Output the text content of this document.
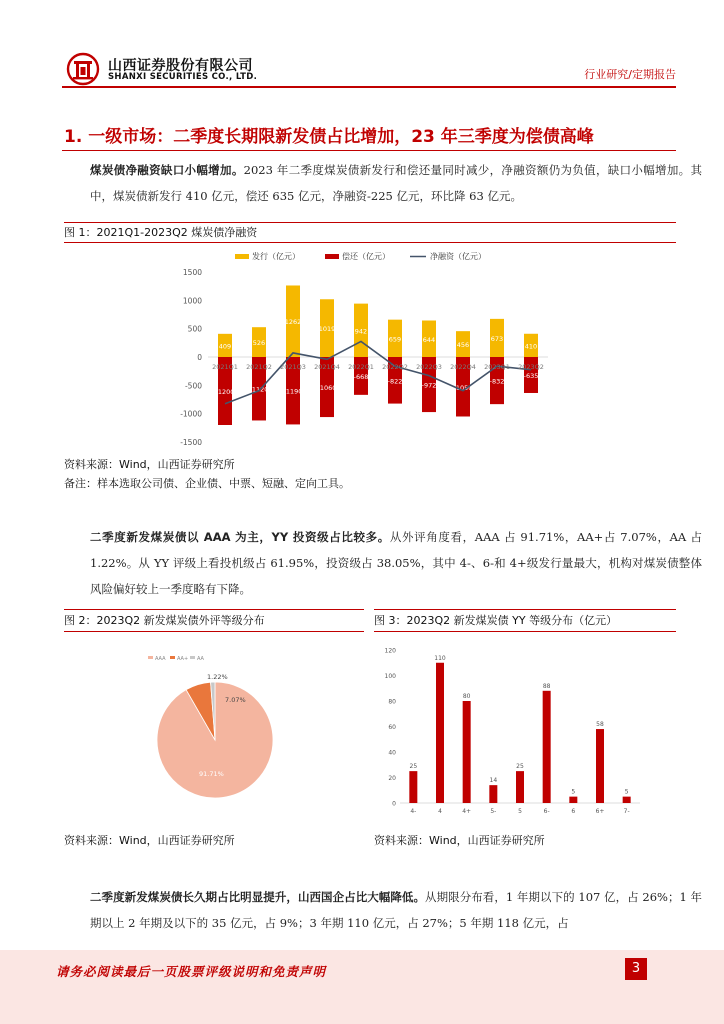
山西证券股份有限公司
SHANXI SECURITIES CO., LTD.	行业研究/定期报告
1. 一级市场：二季度长期限新发债占比增加，23 年三季度为偿债高峰
煤炭债净融资缺口小幅增加。2023 年二季度煤炭债新发行和偿还量同时减少，净融资额仍为负值，缺口小幅增加。其中，煤炭债新发行 410 亿元，偿还 635 亿元，净融资-225 亿元，环比降 63 亿元。
图 1：2021Q1-2023Q2 煤炭债净融资
发行（亿元）	偿还（亿元）	净融资（亿元）
1500
1000
500
0
-500
-1000
-1500
409
-1200
526
-1120
1262
-1190
1019
-1060
942
-668
659
-822
644
-972
456
-1050
673
-832
410
-635
2021Q1 2021Q2 2021Q3 2021Q4 2022Q1 2022Q2 2022Q3 2022Q4 2023Q1 2023Q2
资料来源：Wind，山西证券研究所
备注：样本选取公司债、企业债、中票、短融、定向工具。
二季度新发煤炭债以 AAA 为主，YY 投资级占比较多。从外评角度看，AAA 占 91.71%，AA+占 7.07%，AA 占 1.22%。从 YY 评级上看投机级占 61.95%，投资级占 38.05%，其中 4-、6-和 4+级发行量最大，机构对煤炭债整体风险偏好较上一季度略有下降。
图 2：2023Q2 新发煤炭债外评等级分布	图 3：2023Q2 新发煤炭债 YY 等级分布（亿元）
AAA AA+ AA
91.71%
7.07%
1.22%
0
20
40
60
80
100
120
25
110
80
14
25
88
5
58
5
4-	4	4+	5-	5	6-	6	6+	7-
资料来源：Wind，山西证券研究所	资料来源：Wind，山西证券研究所
二季度新发煤炭债长久期占比明显提升，山西国企占比大幅降低。从期限分布看，1 年期以下的 107 亿，占 26%；1 年期以上 2 年期及以下的 35 亿元，占 9%；3 年期 110 亿元，占 27%；5 年期 118 亿元，占
请务必阅读最后一页股票评级说明和免责声明	3
